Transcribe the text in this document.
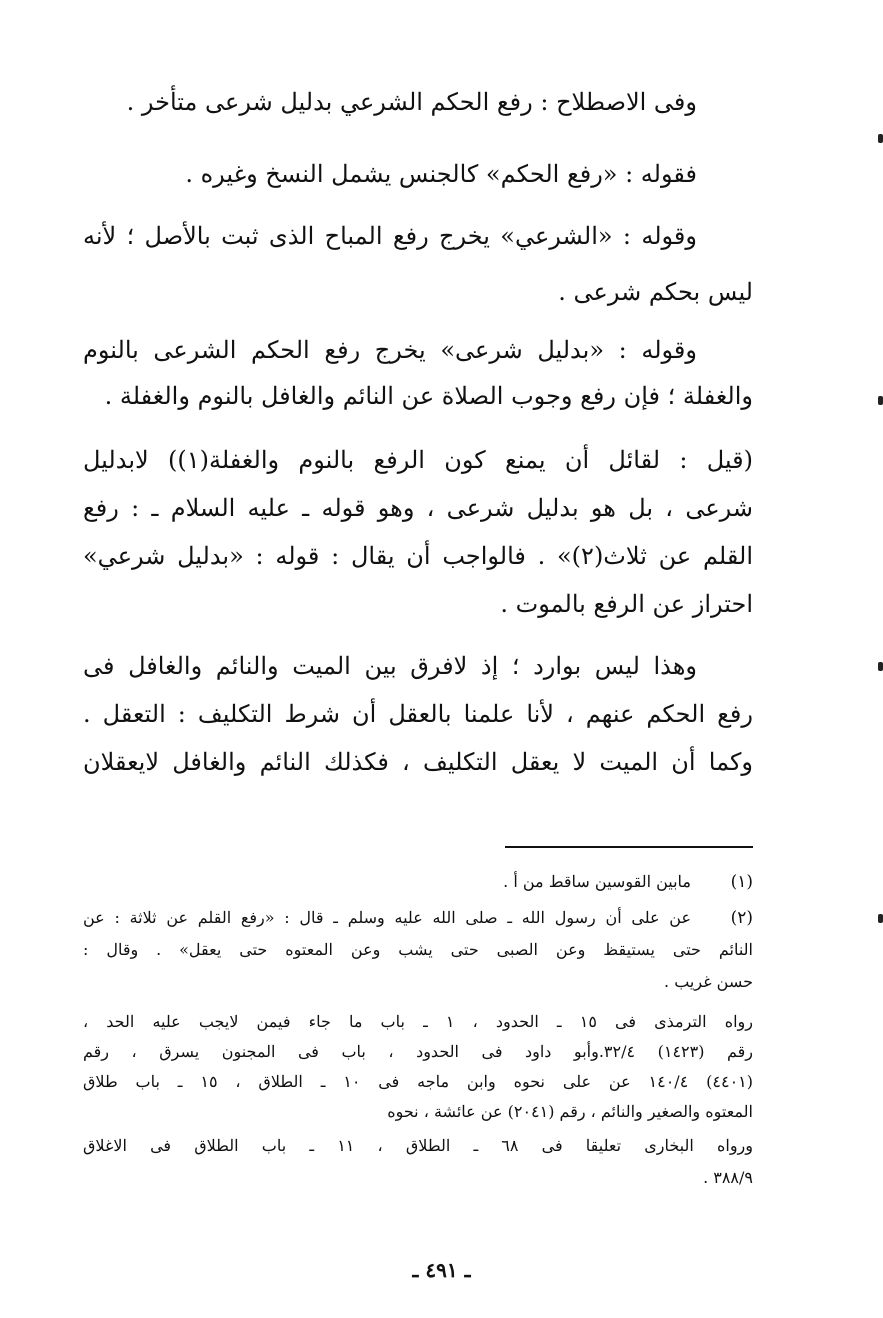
وفى الاصطلاح : رفع الحكم الشرعي بدليل شرعى متأخر .
فقوله : «رفع الحكم» كالجنس يشمل النسخ وغيره .
وقوله : «الشرعي» يخرج رفع المباح الذى ثبت بالأصل ؛ لأنه
ليس بحكم شرعى .
وقوله : «بدليل شرعى» يخرج رفع الحكم الشرعى بالنوم
والغفلة ؛ فإن رفع وجوب الصلاة عن النائم والغافل بالنوم والغفلة .
(قيل : لقائل أن يمنع كون الرفع بالنوم والغفلة(١)) لابدليل
شرعى ، بل هو بدليل شرعى ، وهو قوله ـ عليه السلام ـ : رفع
القلم عن ثلاث(٢)» . فالواجب أن يقال : قوله : «بدليل شرعي»
احتراز عن الرفع بالموت .
وهذا ليس بوارد ؛ إذ لافرق بين الميت والنائم والغافل فى
رفع الحكم عنهم ، لأنا علمنا بالعقل أن شرط التكليف : التعقل .
وكما أن الميت لا يعقل التكليف ، فكذلك النائم والغافل لايعقلان
(١)
مابين القوسين ساقط من أ .
(٢)
عن على أن رسول الله ـ صلى الله عليه وسلم ـ قال : «رفع القلم عن ثلاثة : عن
النائم حتى يستيقظ وعن الصبى حتى يشب وعن المعتوه حتى يعقل» . وقال :
حسن غريب .
رواه الترمذى فى ١٥ ـ الحدود ، ١ ـ باب ما جاء فيمن لايجب عليه الحد ،
رقم (١٤٢٣) ٣٢/٤.وأبو داود فى الحدود ، باب فى المجنون يسرق ، رقم
(٤٤٠١) ١٤٠/٤ عن على نحوه وابن ماجه فى ١٠ ـ الطلاق ، ١٥ ـ باب طلاق
المعتوه والصغير والنائم ، رقم (٢٠٤١) عن عائشة ، نحوه
ورواه البخارى تعليقا فى ٦٨ ـ الطلاق ، ١١ ـ باب الطلاق فى الاغلاق
٣٨٨/٩ .
ـ ٤٩١ ـ
